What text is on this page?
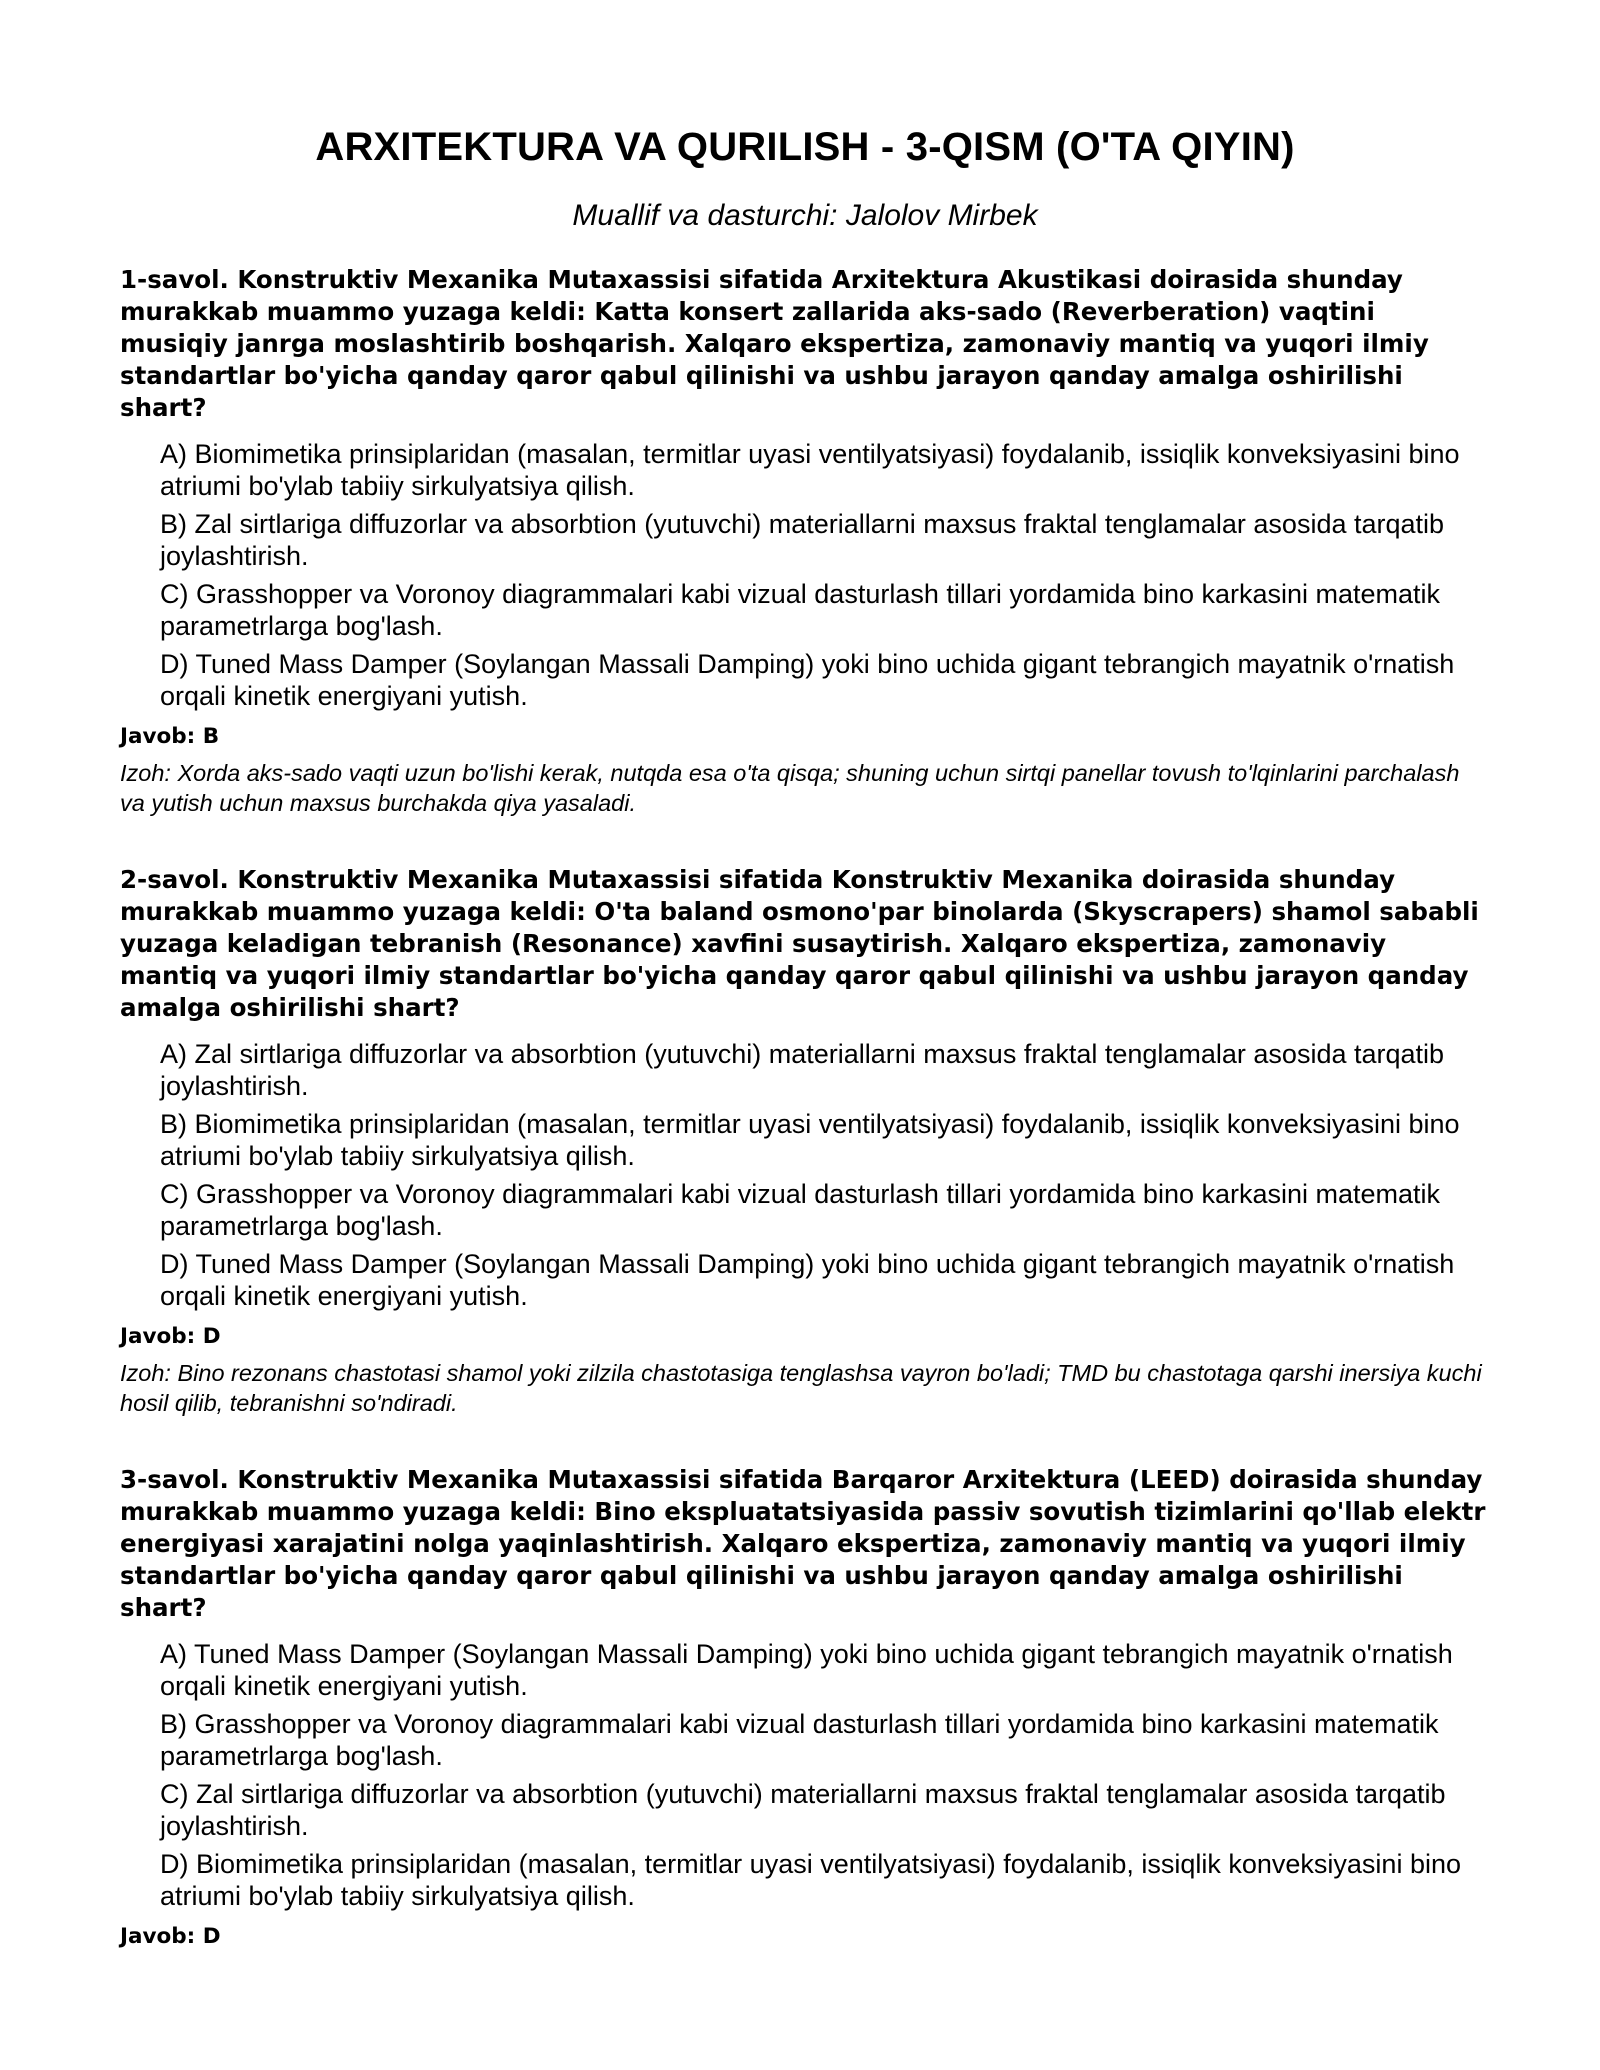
ARXITEKTURA VA QURILISH - 3-QISM (O'TA QIYIN)
Muallif va dasturchi: Jalolov Mirbek

1-savol. Konstruktiv Mexanika Mutaxassisi sifatida Arxitektura Akustikasi doirasida shunday murakkab muammo yuzaga keldi: Katta konsert zallarida aks-sado (Reverberation) vaqtini musiqiy janrga moslashtirib boshqarish. Xalqaro ekspertiza, zamonaviy mantiq va yuqori ilmiy standartlar bo'yicha qanday qaror qabul qilinishi va ushbu jarayon qanday amalga oshirilishi shart?

A) Biomimetika prinsiplaridan (masalan, termitlar uyasi ventilyatsiyasi) foydalanib, issiqlik konveksiyasini bino atriumi bo'ylab tabiiy sirkulyatsiya qilish.
B) Zal sirtlariga diffuzorlar va absorbtion (yutuvchi) materiallarni maxsus fraktal tenglamalar asosida tarqatib joylashtirish.
C) Grasshopper va Voronoy diagrammalari kabi vizual dasturlash tillari yordamida bino karkasini matematik parametrlarga bog'lash.
D) Tuned Mass Damper (Soylangan Massali Damping) yoki bino uchida gigant tebrangich mayatnik o'rnatish orqali kinetik energiyani yutish.
Javob: B

Izoh: Xorda aks-sado vaqti uzun bo'lishi kerak, nutqda esa o'ta qisqa; shuning uchun sirtqi panellar tovush to'lqinlarini parchalash va yutish uchun maxsus burchakda qiya yasaladi.

2-savol. Konstruktiv Mexanika Mutaxassisi sifatida Konstruktiv Mexanika doirasida shunday murakkab muammo yuzaga keldi: O'ta baland osmono'par binolarda (Skyscrapers) shamol sababli yuzaga keladigan tebranish (Resonance) xavfini susaytirish. Xalqaro ekspertiza, zamonaviy mantiq va yuqori ilmiy standartlar bo'yicha qanday qaror qabul qilinishi va ushbu jarayon qanday amalga oshirilishi shart?

A) Zal sirtlariga diffuzorlar va absorbtion (yutuvchi) materiallarni maxsus fraktal tenglamalar asosida tarqatib joylashtirish.
B) Biomimetika prinsiplaridan (masalan, termitlar uyasi ventilyatsiyasi) foydalanib, issiqlik konveksiyasini bino atriumi bo'ylab tabiiy sirkulyatsiya qilish.
C) Grasshopper va Voronoy diagrammalari kabi vizual dasturlash tillari yordamida bino karkasini matematik parametrlarga bog'lash.
D) Tuned Mass Damper (Soylangan Massali Damping) yoki bino uchida gigant tebrangich mayatnik o'rnatish orqali kinetik energiyani yutish.
Javob: D

Izoh: Bino rezonans chastotasi shamol yoki zilzila chastotasiga tenglashsa vayron bo'ladi; TMD bu chastotaga qarshi inersiya kuchi hosil qilib, tebranishni so'ndiradi.

3-savol. Konstruktiv Mexanika Mutaxassisi sifatida Barqaror Arxitektura (LEED) doirasida shunday murakkab muammo yuzaga keldi: Bino ekspluatatsiyasida passiv sovutish tizimlarini qo'llab elektr energiyasi xarajatini nolga yaqinlashtirish. Xalqaro ekspertiza, zamonaviy mantiq va yuqori ilmiy standartlar bo'yicha qanday qaror qabul qilinishi va ushbu jarayon qanday amalga oshirilishi shart?

A) Tuned Mass Damper (Soylangan Massali Damping) yoki bino uchida gigant tebrangich mayatnik o'rnatish orqali kinetik energiyani yutish.
B) Grasshopper va Voronoy diagrammalari kabi vizual dasturlash tillari yordamida bino karkasini matematik parametrlarga bog'lash.
C) Zal sirtlariga diffuzorlar va absorbtion (yutuvchi) materiallarni maxsus fraktal tenglamalar asosida tarqatib joylashtirish.
D) Biomimetika prinsiplaridan (masalan, termitlar uyasi ventilyatsiyasi) foydalanib, issiqlik konveksiyasini bino atriumi bo'ylab tabiiy sirkulyatsiya qilish.
Javob: D
